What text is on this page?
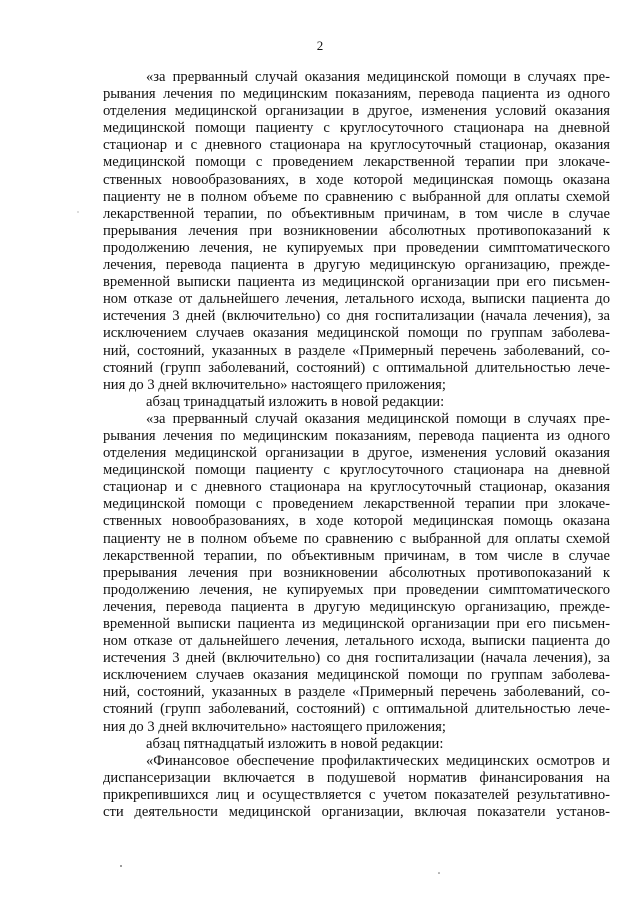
2
«за прерванный случай оказания медицинской помощи в случаях пре-
рывания лечения по медицинским показаниям, перевода пациента из одного
отделения медицинской организации в другое, изменения условий оказания
медицинской помощи пациенту с круглосуточного стационара на дневной
стационар и с дневного стационара на круглосуточный стационар, оказания
медицинской помощи с проведением лекарственной терапии при злокаче-
ственных новообразованиях, в ходе которой медицинская помощь оказана
пациенту не в полном объеме по сравнению с выбранной для оплаты схемой
лекарственной терапии, по объективным причинам, в том числе в случае
прерывания лечения при возникновении абсолютных противопоказаний к
продолжению лечения, не купируемых при проведении симптоматического
лечения, перевода пациента в другую медицинскую организацию, прежде-
временной выписки пациента из медицинской организации при его письмен-
ном отказе от дальнейшего лечения, летального исхода, выписки пациента до
истечения 3 дней (включительно) со дня госпитализации (начала лечения), за
исключением случаев оказания медицинской помощи по группам заболева-
ний, состояний, указанных в разделе «Примерный перечень заболеваний, со-
стояний (групп заболеваний, состояний) с оптимальной длительностью лече-
ния до 3 дней включительно» настоящего приложения;
абзац тринадцатый изложить в новой редакции:
«за прерванный случай оказания медицинской помощи в случаях пре-
рывания лечения по медицинским показаниям, перевода пациента из одного
отделения медицинской организации в другое, изменения условий оказания
медицинской помощи пациенту с круглосуточного стационара на дневной
стационар и с дневного стационара на круглосуточный стационар, оказания
медицинской помощи с проведением лекарственной терапии при злокаче-
ственных новообразованиях, в ходе которой медицинская помощь оказана
пациенту не в полном объеме по сравнению с выбранной для оплаты схемой
лекарственной терапии, по объективным причинам, в том числе в случае
прерывания лечения при возникновении абсолютных противопоказаний к
продолжению лечения, не купируемых при проведении симптоматического
лечения, перевода пациента в другую медицинскую организацию, прежде-
временной выписки пациента из медицинской организации при его письмен-
ном отказе от дальнейшего лечения, летального исхода, выписки пациента до
истечения 3 дней (включительно) со дня госпитализации (начала лечения), за
исключением случаев оказания медицинской помощи по группам заболева-
ний, состояний, указанных в разделе «Примерный перечень заболеваний, со-
стояний (групп заболеваний, состояний) с оптимальной длительностью лече-
ния до 3 дней включительно» настоящего приложения;
абзац пятнадцатый изложить в новой редакции:
«Финансовое обеспечение профилактических медицинских осмотров и
диспансеризации включается в подушевой норматив финансирования на
прикрепившихся лиц и осуществляется с учетом показателей результативно-
сти деятельности медицинской организации, включая показатели установ-
